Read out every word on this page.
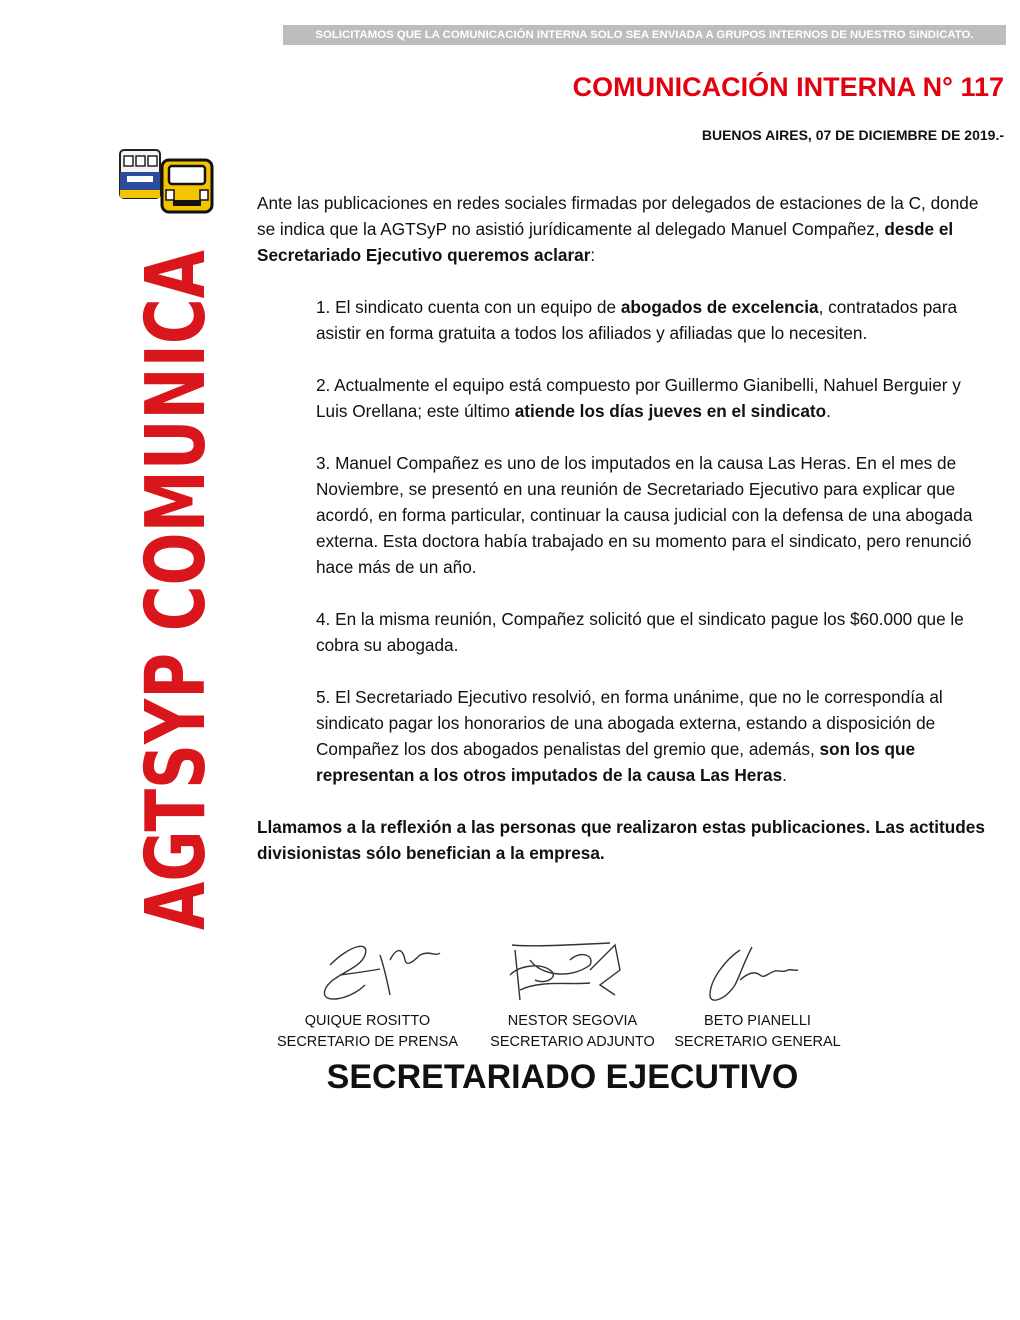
SOLICITAMOS QUE LA COMUNICACIÓN INTERNA SOLO SEA ENVIADA A GRUPOS INTERNOS DE NUESTRO SINDICATO.
COMUNICACIÓN INTERNA N° 117
BUENOS AIRES, 07 DE DICIEMBRE DE 2019.-
AGTSYP COMUNICA Ante las publicaciones en redes sociales firmadas por delegados de estaciones de la C, donde se indica que la AGTSyP no asistió jurídicamente al delegado Manuel Compañez, desde el Secretariado Ejecutivo queremos aclarar:

1. El sindicato cuenta con un equipo de abogados de excelencia, contratados para asistir en forma gratuita a todos los afiliados y afiliadas que lo necesiten.

2. Actualmente el equipo está compuesto por Guillermo Gianibelli, Nahuel Berguier y Luis Orellana; este último atiende los días jueves en el sindicato.

3. Manuel Compañez es uno de los imputados en la causa Las Heras. En el mes de Noviembre, se presentó en una reunión de Secretariado Ejecutivo para explicar que acordó, en forma particular, continuar la causa judicial con la defensa de una abogada externa. Esta doctora había trabajado en su momento para el sindicato, pero renunció hace más de un año.

4. En la misma reunión, Compañez solicitó que el sindicato pague los $60.000 que le cobra su abogada.

5. El Secretariado Ejecutivo resolvió, en forma unánime, que no le correspondía al sindicato pagar los honorarios de una abogada externa, estando a disposición de Compañez los dos abogados penalistas del gremio que, además, son los que representan a los otros imputados de la causa Las Heras.

Llamamos a la reflexión a las personas que realizaron estas publicaciones. Las actitudes divisionistas sólo benefician a la empresa.

QUIQUE ROSITTO
SECRETARIO DE PRENSA
NESTOR SEGOVIA
SECRETARIO ADJUNTO
BETO PIANELLI
SECRETARIO GENERAL
SECRETARIADO EJECUTIVO
